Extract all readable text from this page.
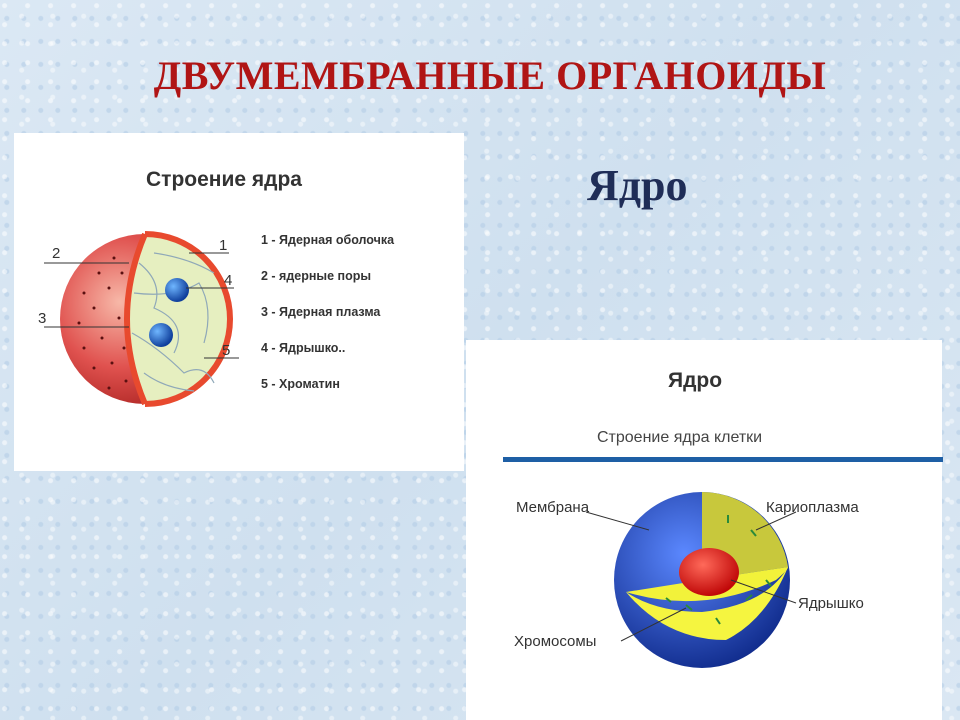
ДВУМЕМБРАННЫЕ ОРГАНОИДЫ
Ядро
Строение ядра
2
3
1
4
5
1 - Ядерная оболочка
2 - ядерные поры
3 - Ядерная плазма
4 - Ядрышко..
5 - Хроматин	Ядро
Строение ядра клетки
Мембрана	Кариоплазма
Ядрышко
Хромосомы
